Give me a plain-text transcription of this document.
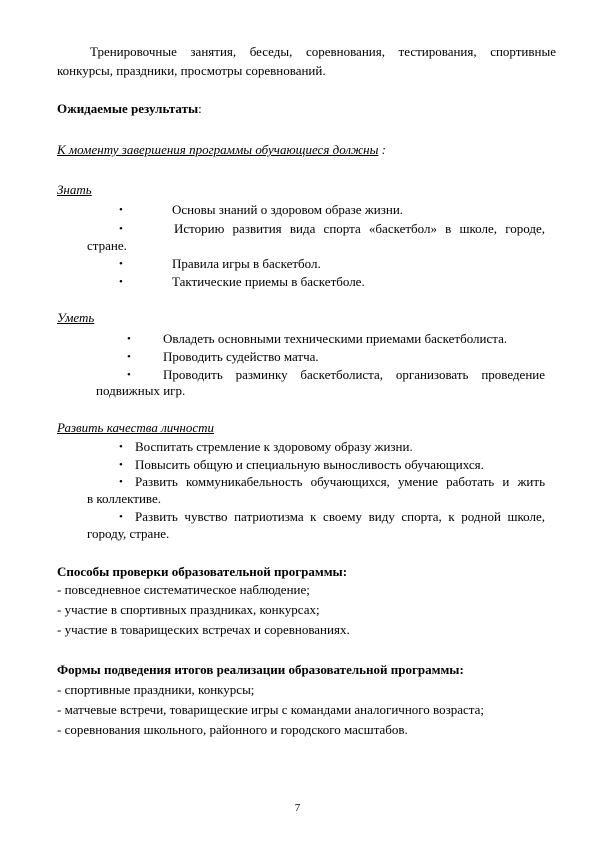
Тренировочные занятия, беседы, соревнования, тестирования, спортивные
конкурсы, праздники, просмотры соревнований.
Ожидаемые результаты:
К моменту завершения программы обучающиеся должны :
Знать
•	Основы знаний о здоровом образе жизни.
•	Историю развития вида спорта «баскетбол» в школе, городе,
стране.
•	Правила игры в баскетбол.
•	Тактические приемы в баскетболе.
Уметь
• Овладеть основными техническими приемами баскетболиста.
• Проводить судейство матча.
• Проводить разминку баскетболиста, организовать проведение
подвижных игр.
Развить качества личности
• Воспитать стремление к здоровому образу жизни.
• Повысить общую и специальную выносливость обучающихся.
• Развить коммуникабельность обучающихся, умение работать и жить
в коллективе.
• Развить чувство патриотизма к своему виду спорта, к родной школе,
городу, стране.
Способы проверки образовательной программы:
- повседневное систематическое наблюдение;
- участие в спортивных праздниках, конкурсах;
- участие в товарищеских встречах и соревнованиях.
Формы подведения итогов реализации образовательной программы:
- спортивные праздники, конкурсы;
- матчевые встречи, товарищеские игры с командами аналогичного возраста;
- соревнования школьного, районного и городского масштабов.
7
